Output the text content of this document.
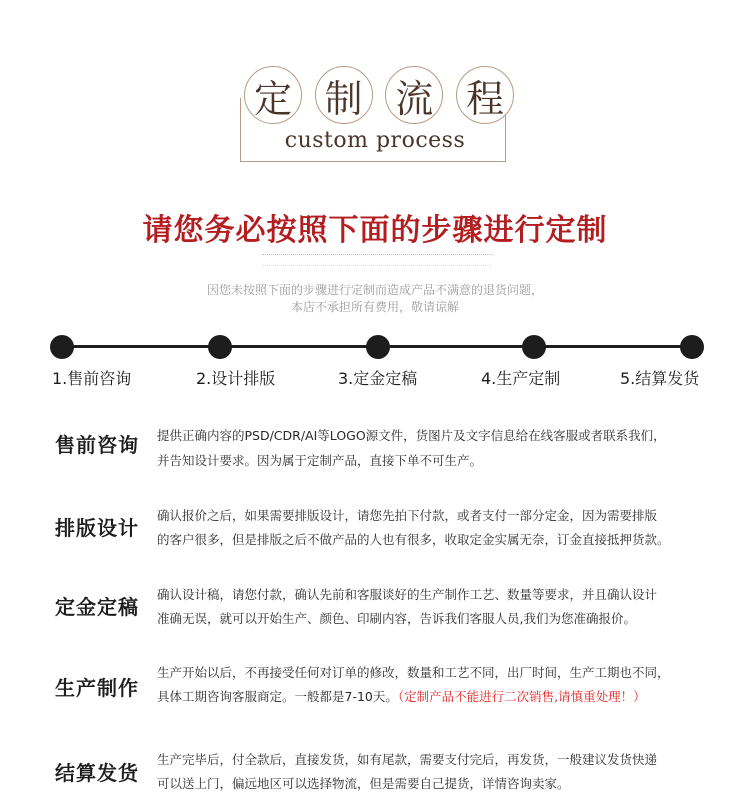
定 制 流 程
custom process
请您务必按照下面的步骤进行定制
因您未按照下面的步骤进行定制而造成产品不满意的退货问题，
本店不承担所有费用，敬请谅解
1.售前咨询	2.设计排版	3.定金定稿	4.生产定制	5.结算发货
售前咨询 提供正确内容的PSD/CDR/AI等LOGO源文件，货图片及文字信息给在线客服或者联系我们，
并告知设计要求。因为属于定制产品，直接下单不可生产。
排版设计
确认报价之后，如果需要排版设计，请您先拍下付款，或者支付一部分定金，因为需要排版
的客户很多，但是排版之后不做产品的人也有很多，收取定金实属无奈，订金直接抵押货款。
定金定稿
确认设计稿，请您付款，确认先前和客服谈好的生产制作工艺、数量等要求，并且确认设计
准确无误，就可以开始生产、颜色、印刷内容，告诉我们客服人员,我们为您准确报价。
生产制作
生产开始以后，不再接受任何对订单的修改，数量和工艺不同，出厂时间，生产工期也不同，
具体工期咨询客服商定。一般都是7-10天。（定制产品不能进行二次销售,请慎重处理！）
结算发货
生产完毕后，付全款后，直接发货，如有尾款，需要支付完后，再发货，一般建议发货快递
可以送上门，偏远地区可以选择物流，但是需要自己提货，详情咨询卖家。
